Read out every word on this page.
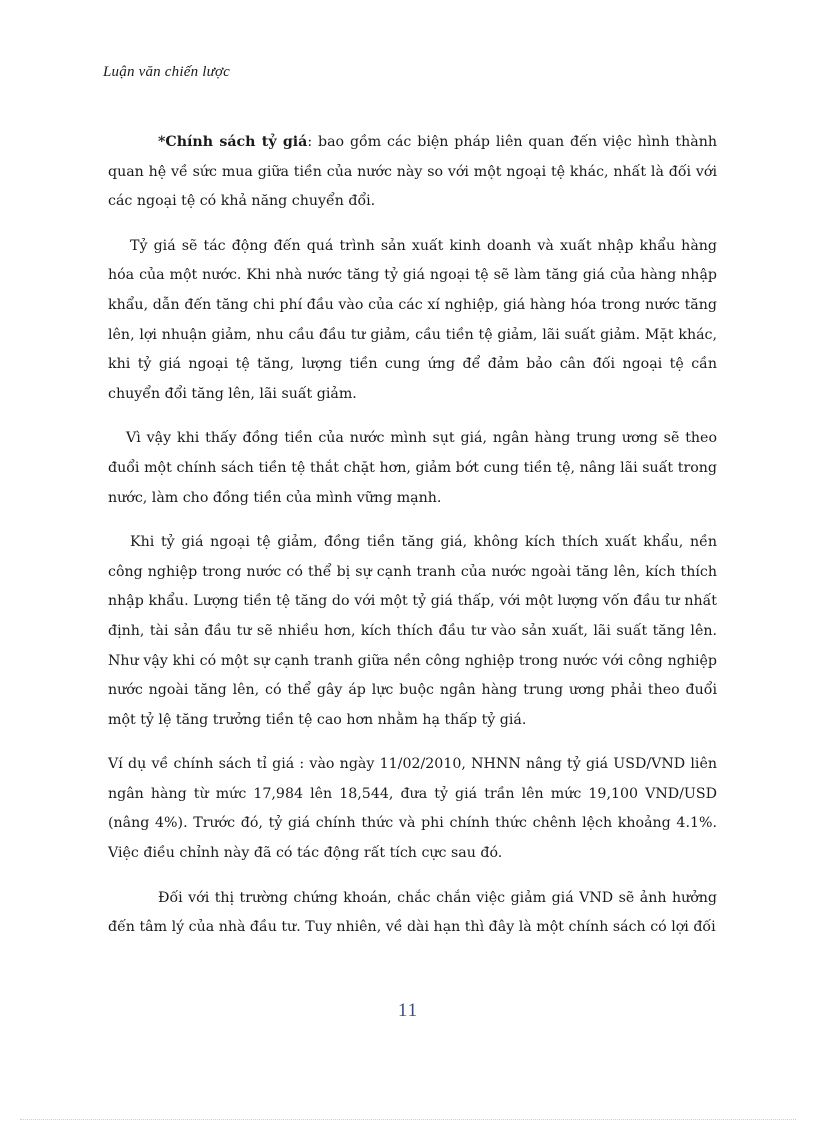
Luận văn chiến lược

*Chính sách tỷ giá: bao gồm các biện pháp liên quan đến việc hình thành quan hệ về sức mua giữa tiền của nước này so với một ngoại tệ khác, nhất là đối với các ngoại tệ có khả năng chuyển đổi.

Tỷ giá sẽ tác động đến quá trình sản xuất kinh doanh và xuất nhập khẩu hàng hóa của một nước. Khi nhà nước tăng tỷ giá ngoại tệ sẽ làm tăng giá của hàng nhập khẩu, dẫn đến tăng chi phí đầu vào của các xí nghiệp, giá hàng hóa trong nước tăng lên, lợi nhuận giảm, nhu cầu đầu tư giảm, cầu tiền tệ giảm, lãi suất giảm. Mặt khác, khi tỷ giá ngoại tệ tăng, lượng tiền cung ứng để đảm bảo cân đối ngoại tệ cần chuyển đổi tăng lên, lãi suất giảm.

Vì vậy khi thấy đồng tiền của nước mình sụt giá, ngân hàng trung ương sẽ theo đuổi một chính sách tiền tệ thắt chặt hơn, giảm bớt cung tiền tệ, nâng lãi suất trong nước, làm cho đồng tiền của mình vững mạnh.

Khi tỷ giá ngoại tệ giảm, đồng tiền tăng giá, không kích thích xuất khẩu, nền công nghiệp trong nước có thể bị sự cạnh tranh của nước ngoài tăng lên, kích thích nhập khẩu. Lượng tiền tệ tăng do với một tỷ giá thấp, với một lượng vốn đầu tư nhất định, tài sản đầu tư sẽ nhiều hơn, kích thích đầu tư vào sản xuất, lãi suất tăng lên. Như vậy khi có một sự cạnh tranh giữa nền công nghiệp trong nước với công nghiệp nước ngoài tăng lên, có thể gây áp lực buộc ngân hàng trung ương phải theo đuổi một tỷ lệ tăng trưởng tiền tệ cao hơn nhằm hạ thấp tỷ giá.

Ví dụ về chính sách tỉ giá : vào ngày 11/02/2010, NHNN nâng tỷ giá USD/VND liên ngân hàng từ mức 17,984 lên 18,544, đưa tỷ giá trần lên mức 19,100 VND/USD (nâng 4%). Trước đó, tỷ giá chính thức và phi chính thức chênh lệch khoảng 4.1%. Việc điều chỉnh này đã có tác động rất tích cực sau đó.

Đối với thị trường chứng khoán, chắc chắn việc giảm giá VND sẽ ảnh hưởng đến tâm lý của nhà đầu tư. Tuy nhiên, về dài hạn thì đây là một chính sách có lợi đối

11
